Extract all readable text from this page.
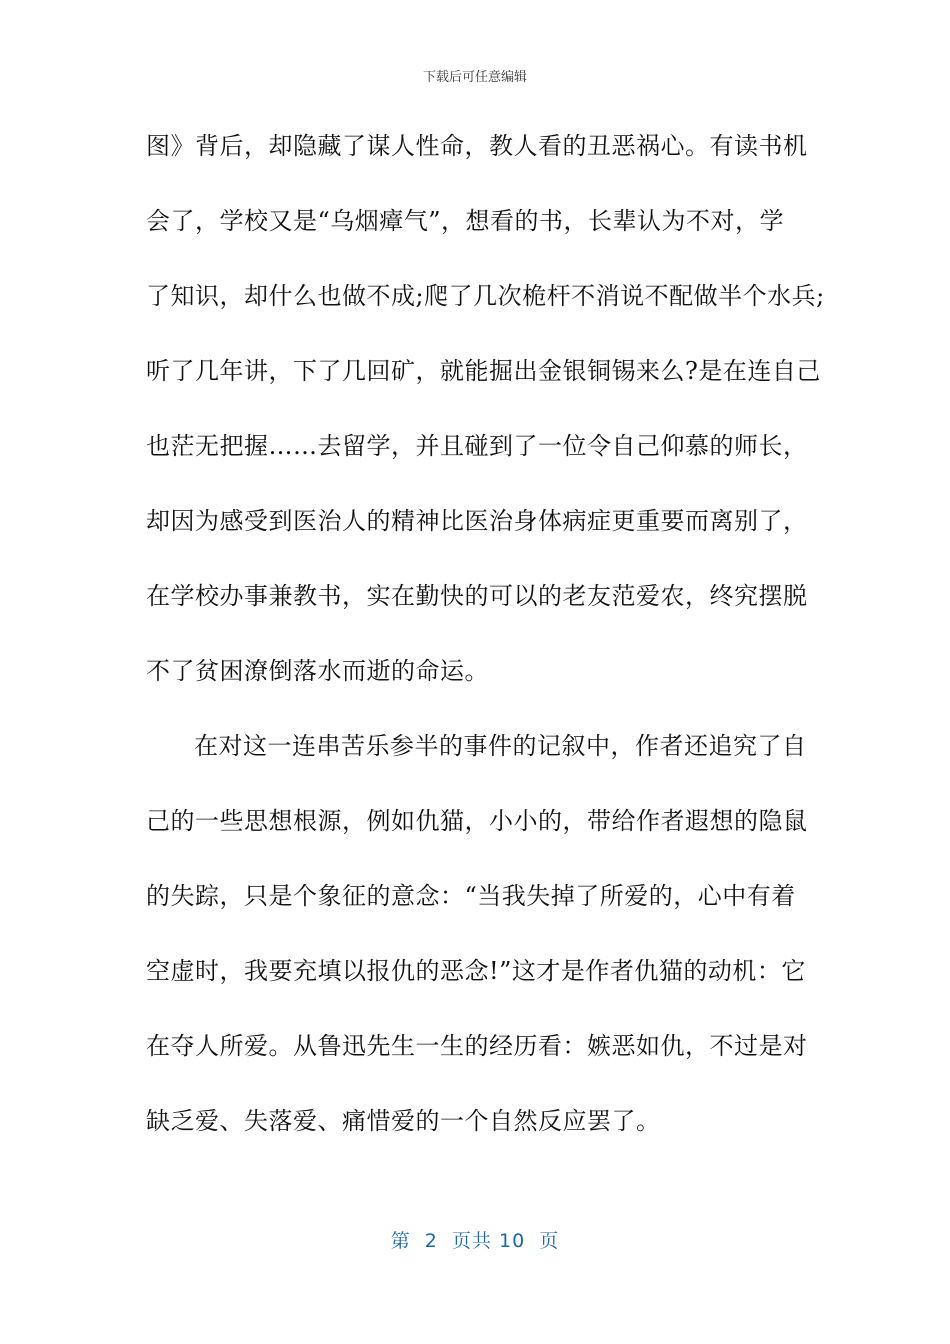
下载后可任意编辑
图》背后，却隐藏了谋人性命，教人看的丑恶祸心。有读书机
会了，学校又是“乌烟瘴气”，想看的书，长辈认为不对，学
了知识，却什么也做不成;爬了几次桅杆不消说不配做半个水兵;
听了几年讲，下了几回矿，就能掘出金银铜锡来么?是在连自己
也茫无把握……去留学，并且碰到了一位令自己仰慕的师长，
却因为感受到医治人的精神比医治身体病症更重要而离别了，
在学校办事兼教书，实在勤快的可以的老友范爱农，终究摆脱
不了贫困潦倒落水而逝的命运。
在对这一连串苦乐参半的事件的记叙中，作者还追究了自
己的一些思想根源，例如仇猫，小小的，带给作者遐想的隐鼠
的失踪，只是个象征的意念：“当我失掉了所爱的，心中有着
空虚时，我要充填以报仇的恶念!”这才是作者仇猫的动机：它
在夺人所爱。从鲁迅先生一生的经历看：嫉恶如仇，不过是对
缺乏爱、失落爱、痛惜爱的一个自然反应罢了。
第  2  页共 10  页
